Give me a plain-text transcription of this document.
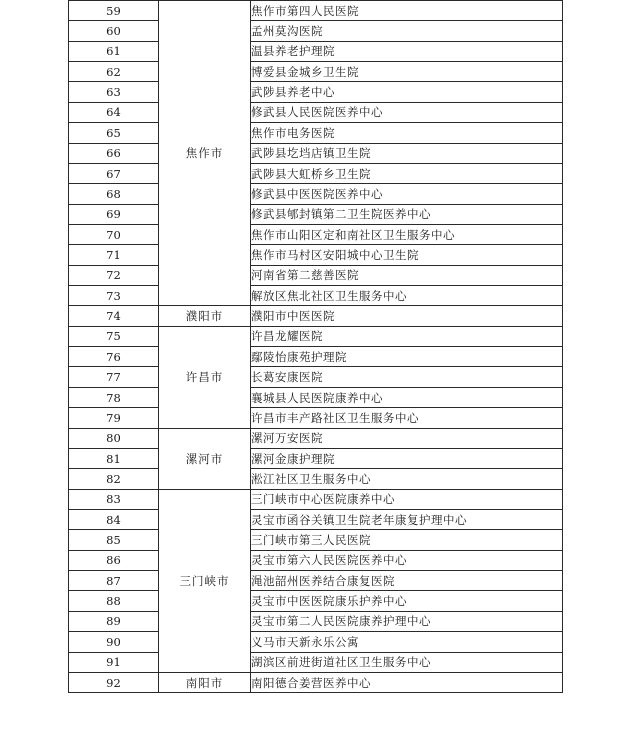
59	焦作市	焦作市第四人民医院
60		孟州莫沟医院
61		温县养老护理院
62		博爱县金城乡卫生院
63		武陟县养老中心
64		修武县人民医院医养中心
65		焦作市电务医院
66		武陟县圪垱店镇卫生院
67		武陟县大虹桥乡卫生院
68		修武县中医医院医养中心
69		修武县郇封镇第二卫生院医养中心
70		焦作市山阳区定和南社区卫生服务中心
71		焦作市马村区安阳城中心卫生院
72		河南省第二慈善医院
73		解放区焦北社区卫生服务中心
74	濮阳市	濮阳市中医医院
75	许昌市	许昌龙耀医院
76		鄢陵怡康苑护理院
77		长葛安康医院
78		襄城县人民医院康养中心
79		许昌市丰产路社区卫生服务中心
80	漯河市	漯河万安医院
81		漯河金康护理院
82		淞江社区卫生服务中心
83	三门峡市	三门峡市中心医院康养中心
84		灵宝市函谷关镇卫生院老年康复护理中心
85		三门峡市第三人民医院
86		灵宝市第六人民医院医养中心
87		渑池韶州医养结合康复医院
88		灵宝市中医医院康乐护养中心
89		灵宝市第二人民医院康养护理中心
90		义马市天新永乐公寓
91		湖滨区前进街道社区卫生服务中心
92	南阳市	南阳德合姜营医养中心
